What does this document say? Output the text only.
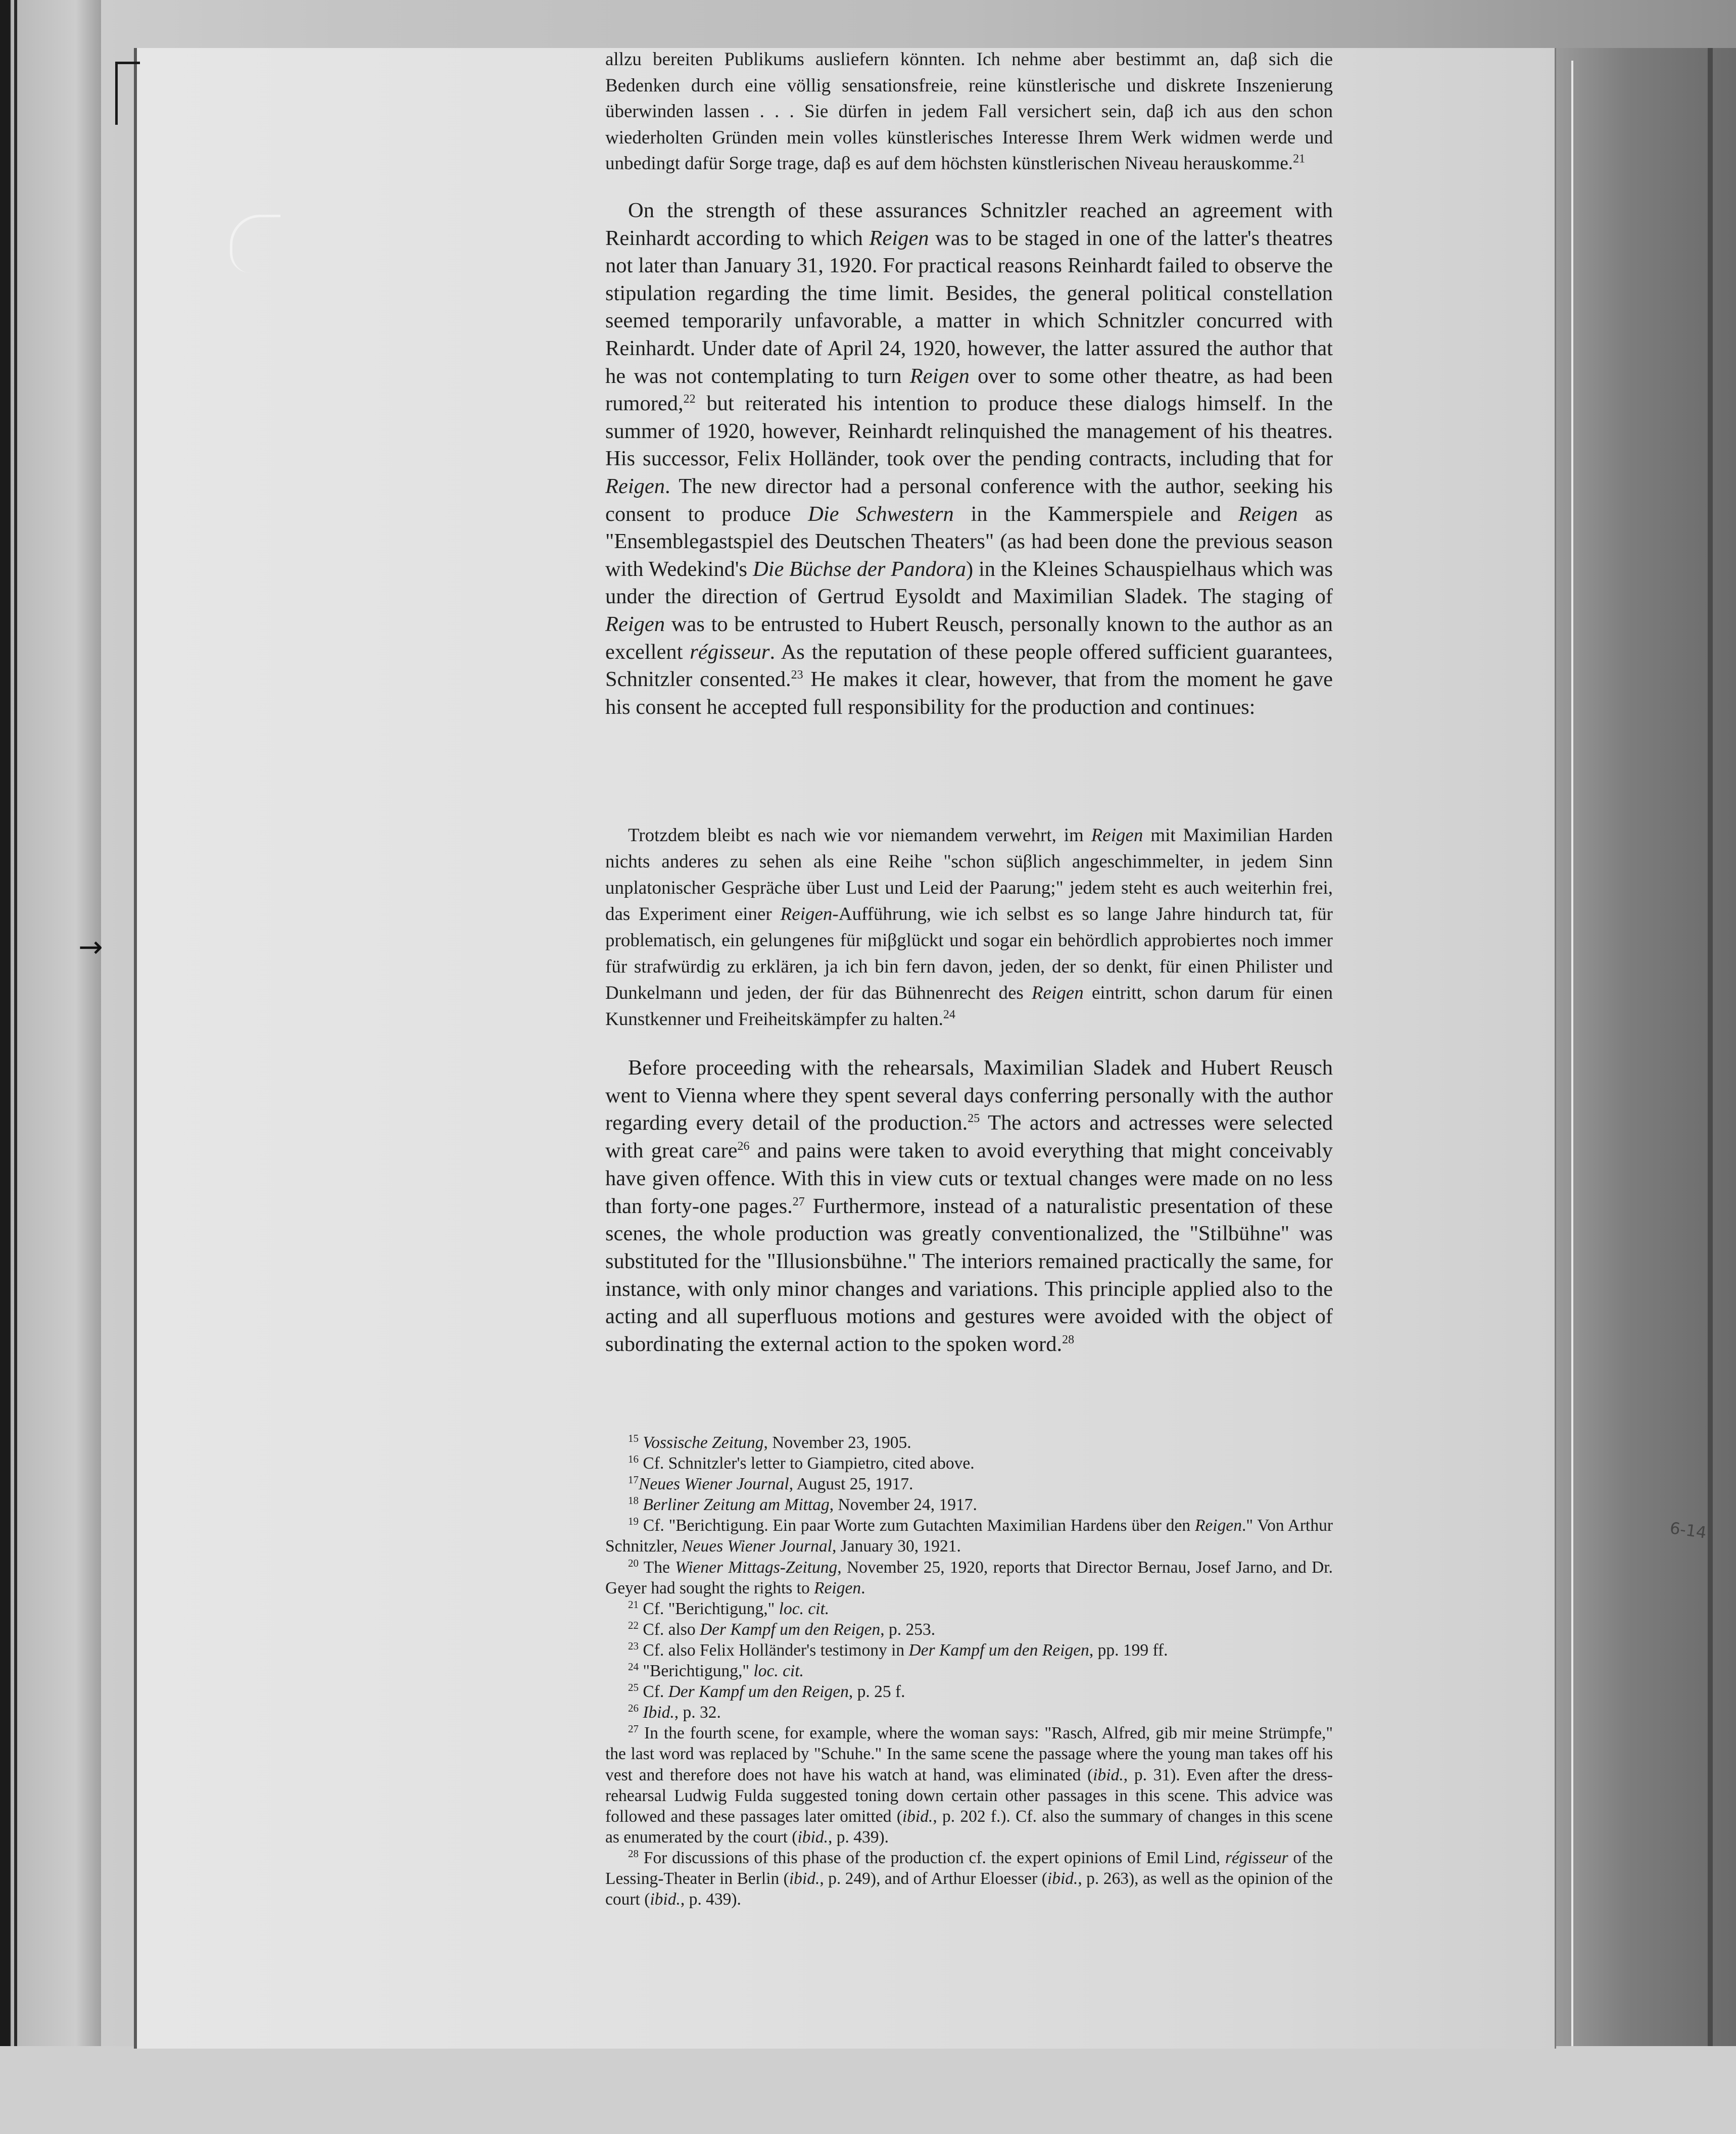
→
6-14

allzu bereiten Publikums ausliefern könnten. Ich nehme aber bestimmt an, daβ sich die Bedenken durch eine völlig sensationsfreie, reine künstlerische und diskrete Inszenierung überwinden lassen . . . Sie dürfen in jedem Fall versichert sein, daβ ich aus den schon wiederholten Gründen mein volles künstlerisches Interesse Ihrem Werk widmen werde und unbedingt dafür Sorge trage, daβ es auf dem höchsten künstlerischen Niveau herauskomme.$^{21}$

On the strength of these assurances Schnitzler reached an agreement with Reinhardt according to which Reigen was to be staged in one of the latter's theatres not later than January 31, 1920. For practical reasons Reinhardt failed to observe the stipulation regarding the time limit. Besides, the general political constellation seemed temporarily unfavorable, a matter in which Schnitzler concurred with Reinhardt. Under date of April 24, 1920, however, the latter assured the author that he was not contemplating to turn Reigen over to some other theatre, as had been rumored,$^{22}$ but reiterated his intention to produce these dialogs himself. In the summer of 1920, however, Reinhardt relinquished the management of his theatres. His successor, Felix Holländer, took over the pending contracts, including that for Reigen. The new director had a personal conference with the author, seeking his consent to produce Die Schwestern in the Kammerspiele and Reigen as "Ensemblegastspiel des Deutschen Theaters" (as had been done the previous season with Wedekind's Die Büchse der Pandora) in the Kleines Schauspielhaus which was under the direction of Gertrud Eysoldt and Maximilian Sladek. The staging of Reigen was to be entrusted to Hubert Reusch, personally known to the author as an excellent régisseur. As the reputation of these people offered sufficient guarantees, Schnitzler consented.$^{23}$ He makes it clear, however, that from the moment he gave his consent he accepted full responsibility for the production and continues:

Trotzdem bleibt es nach wie vor niemandem verwehrt, im Reigen mit Maximilian Harden nichts anderes zu sehen als eine Reihe "schon süβlich angeschimmelter, in jedem Sinn unplatonischer Gespräche über Lust und Leid der Paarung;" jedem steht es auch weiterhin frei, das Experiment einer Reigen-Aufführung, wie ich selbst es so lange Jahre hindurch tat, für problematisch, ein gelungenes für miβglückt und sogar ein behördlich approbiertes noch immer für strafwürdig zu erklären, ja ich bin fern davon, jeden, der so denkt, für einen Philister und Dunkelmann und jeden, der für das Bühnenrecht des Reigen eintritt, schon darum für einen Kunstkenner und Freiheitskämpfer zu halten.$^{24}$

Before proceeding with the rehearsals, Maximilian Sladek and Hubert Reusch went to Vienna where they spent several days conferring personally with the author regarding every detail of the production.$^{25}$ The actors and actresses were selected with great care$^{26}$ and pains were taken to avoid everything that might conceivably have given offence. With this in view cuts or textual changes were made on no less than forty-one pages.$^{27}$ Furthermore, instead of a naturalistic presentation of these scenes, the whole production was greatly conventionalized, the "Stilbühne" was substituted for the "Illusionsbühne." The interiors remained practically the same, for instance, with only minor changes and variations. This principle applied also to the acting and all superfluous motions and gestures were avoided with the object of subordinating the external action to the spoken word.$^{28}$

$^{15}$ Vossische Zeitung, November 23, 1905.

$^{16}$ Cf. Schnitzler's letter to Giampietro, cited above.

$^{17}$Neues Wiener Journal, August 25, 1917.

$^{18}$ Berliner Zeitung am Mittag, November 24, 1917.

$^{19}$ Cf. "Berichtigung. Ein paar Worte zum Gutachten Maximilian Hardens über den Reigen." Von Arthur Schnitzler, Neues Wiener Journal, January 30, 1921.

$^{20}$ The Wiener Mittags-Zeitung, November 25, 1920, reports that Director Bernau, Josef Jarno, and Dr. Geyer had sought the rights to Reigen.

$^{21}$ Cf. "Berichtigung," loc. cit.

$^{22}$ Cf. also Der Kampf um den Reigen, p. 253.

$^{23}$ Cf. also Felix Holländer's testimony in Der Kampf um den Reigen, pp. 199 ff.

$^{24}$ "Berichtigung," loc. cit.

$^{25}$ Cf. Der Kampf um den Reigen, p. 25 f.

$^{26}$ Ibid., p. 32.

$^{27}$ In the fourth scene, for example, where the woman says: "Rasch, Alfred, gib mir meine Strümpfe," the last word was replaced by "Schuhe." In the same scene the passage where the young man takes off his vest and therefore does not have his watch at hand, was eliminated (ibid., p. 31). Even after the dress-rehearsal Ludwig Fulda suggested toning down certain other passages in this scene. This advice was followed and these passages later omitted (ibid., p. 202 f.). Cf. also the summary of changes in this scene as enumerated by the court (ibid., p. 439).

$^{28}$ For discussions of this phase of the production cf. the expert opinions of Emil Lind, régisseur of the Lessing-Theater in Berlin (ibid., p. 249), and of Arthur Eloesser (ibid., p. 263), as well as the opinion of the court (ibid., p. 439).
